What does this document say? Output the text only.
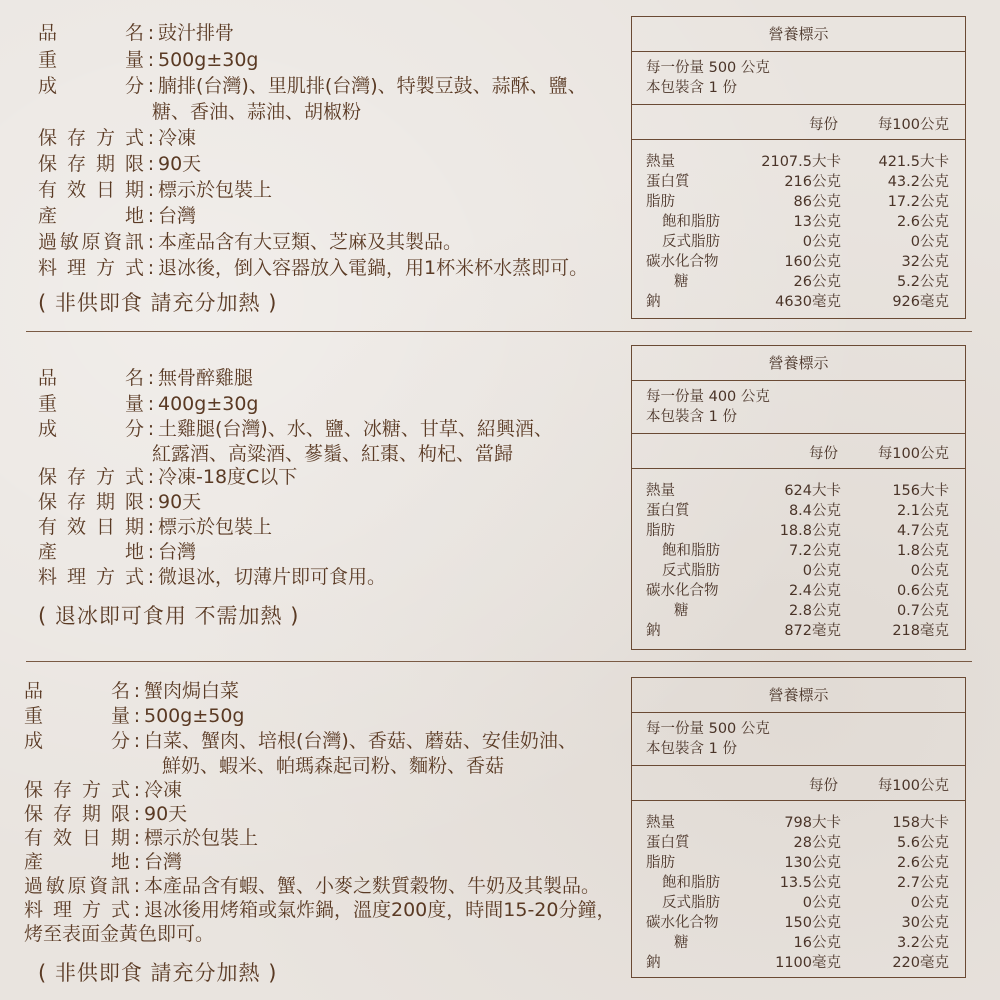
品名 : 豉汁排骨
重量 : 500g±30g
成分 : 腩排(台灣)、里肌排(台灣)、特製豆鼓、蒜酥、鹽、
糖、香油、蒜油、胡椒粉
保存方式 : 冷凍
保存期限 : 90天
有效日期 : 標示於包裝上
產地 : 台灣
過敏原資訊 : 本產品含有大豆類、芝麻及其製品。
料理方式 : 退冰後，倒入容器放入電鍋，用1杯米杯水蒸即可。
( 非供即食 請充分加熱 )
營養標示
每一份量 500 公克
本包裝含 1 份
每份	每100公克
熱量	2107.5大卡	421.5大卡
蛋白質	216公克	43.2公克
脂肪	86公克	17.2公克
飽和脂肪	13公克	2.6公克
反式脂肪	0公克	0公克
碳水化合物	160公克	32公克
糖	26公克	5.2公克
鈉	4630毫克	926毫克
品名 : 無骨醉雞腿
重量 : 400g±30g
成分 : 土雞腿(台灣)、水、鹽、冰糖、甘草、紹興酒、
紅露酒、高粱酒、蔘鬚、紅棗、枸杞、當歸
保存方式 : 冷凍-18度C以下
保存期限 : 90天
有效日期 : 標示於包裝上
產地 : 台灣
料理方式 : 微退冰，切薄片即可食用。
( 退冰即可食用 不需加熱 )
營養標示
每一份量 400 公克
本包裝含 1 份
每份	每100公克
熱量	624大卡	156大卡
蛋白質	8.4公克	2.1公克
脂肪	18.8公克	4.7公克
飽和脂肪	7.2公克	1.8公克
反式脂肪	0公克	0公克
碳水化合物	2.4公克	0.6公克
糖	2.8公克	0.7公克
鈉	872毫克	218毫克
品名 : 蟹肉焗白菜
重量 : 500g±50g
成分 : 白菜、蟹肉、培根(台灣)、香菇、蘑菇、安佳奶油、
鮮奶、蝦米、帕瑪森起司粉、麵粉、香菇
保存方式 : 冷凍
保存期限 : 90天
有效日期 : 標示於包裝上
產地 : 台灣
過敏原資訊 : 本產品含有蝦、蟹、小麥之麩質穀物、牛奶及其製品。
料理方式 : 退冰後用烤箱或氣炸鍋，溫度200度，時間15-20分鐘，
烤至表面金黃色即可。
( 非供即食 請充分加熱 )
營養標示
每一份量 500 公克
本包裝含 1 份
每份	每100公克
熱量	798大卡	158大卡
蛋白質	28公克	5.6公克
脂肪	130公克	2.6公克
飽和脂肪	13.5公克	2.7公克
反式脂肪	0公克	0公克
碳水化合物	150公克	30公克
糖	16公克	3.2公克
鈉	1100毫克	220毫克
